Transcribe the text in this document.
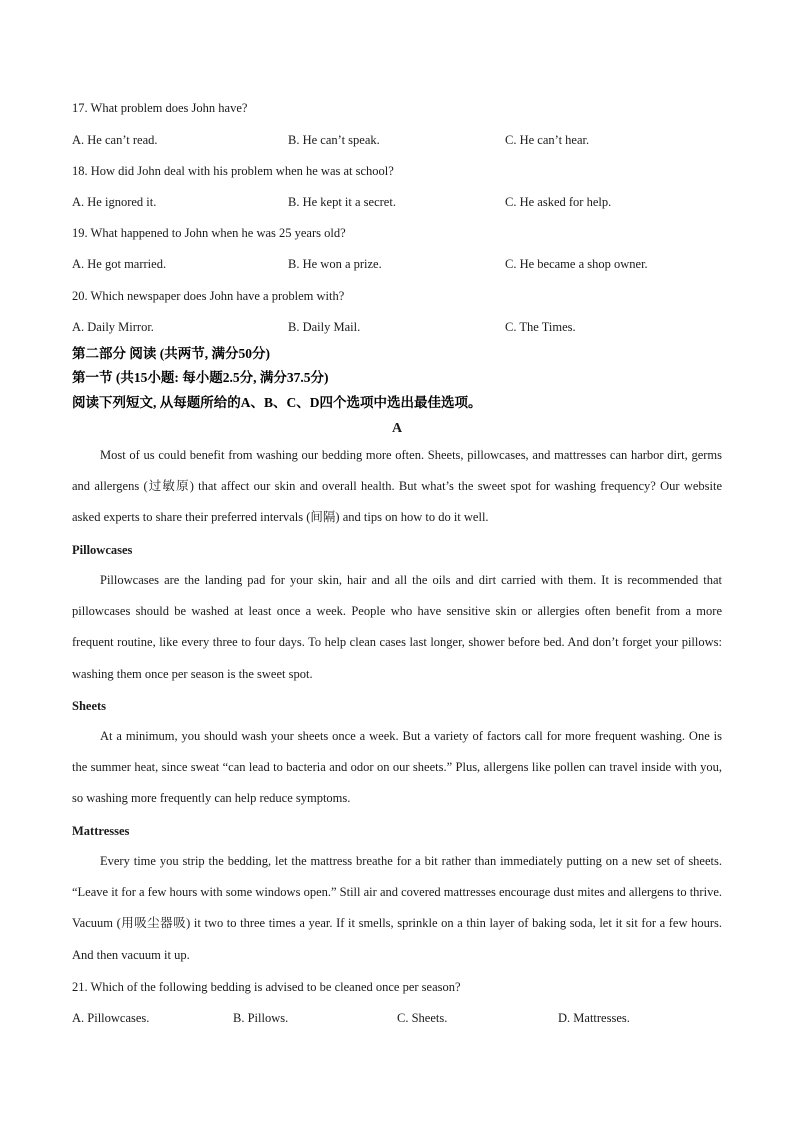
17. What problem does John have?
A. He can’t read.	B. He can’t speak.	C. He can’t hear.
18. How did John deal with his problem when he was at school?
A. He ignored it.	B. He kept it a secret.	C. He asked for help.
19. What happened to John when he was 25 years old?
A. He got married.	B. He won a prize.	C. He became a shop owner.
20. Which newspaper does John have a problem with?
A. Daily Mirror.	B. Daily Mail.	C. The Times.
第二部分 阅读 (共两节, 满分50分)
第一节 (共15小题: 每小题2.5分, 满分37.5分)
阅读下列短文, 从每题所给的A、B、C、D四个选项中选出最佳选项。
A
Most of us could benefit from washing our bedding more often. Sheets, pillowcases, and mattresses can harbor dirt, germs and allergens (过敏原) that affect our skin and overall health. But what’s the sweet spot for washing frequency? Our website asked experts to share their preferred intervals (间隔) and tips on how to do it well.
Pillowcases
Pillowcases are the landing pad for your skin, hair and all the oils and dirt carried with them. It is recommended that pillowcases should be washed at least once a week. People who have sensitive skin or allergies often benefit from a more frequent routine, like every three to four days. To help clean cases last longer, shower before bed. And don’t forget your pillows: washing them once per season is the sweet spot.
Sheets
At a minimum, you should wash your sheets once a week. But a variety of factors call for more frequent washing. One is the summer heat, since sweat “can lead to bacteria and odor on our sheets.” Plus, allergens like pollen can travel inside with you, so washing more frequently can help reduce symptoms.
Mattresses
Every time you strip the bedding, let the mattress breathe for a bit rather than immediately putting on a new set of sheets. “Leave it for a few hours with some windows open.” Still air and covered mattresses encourage dust mites and allergens to thrive. Vacuum (用吸尘器吸) it two to three times a year. If it smells, sprinkle on a thin layer of baking soda, let it sit for a few hours. And then vacuum it up.
21. Which of the following bedding is advised to be cleaned once per season?
A. Pillowcases.	B. Pillows.	C. Sheets.	D. Mattresses.
